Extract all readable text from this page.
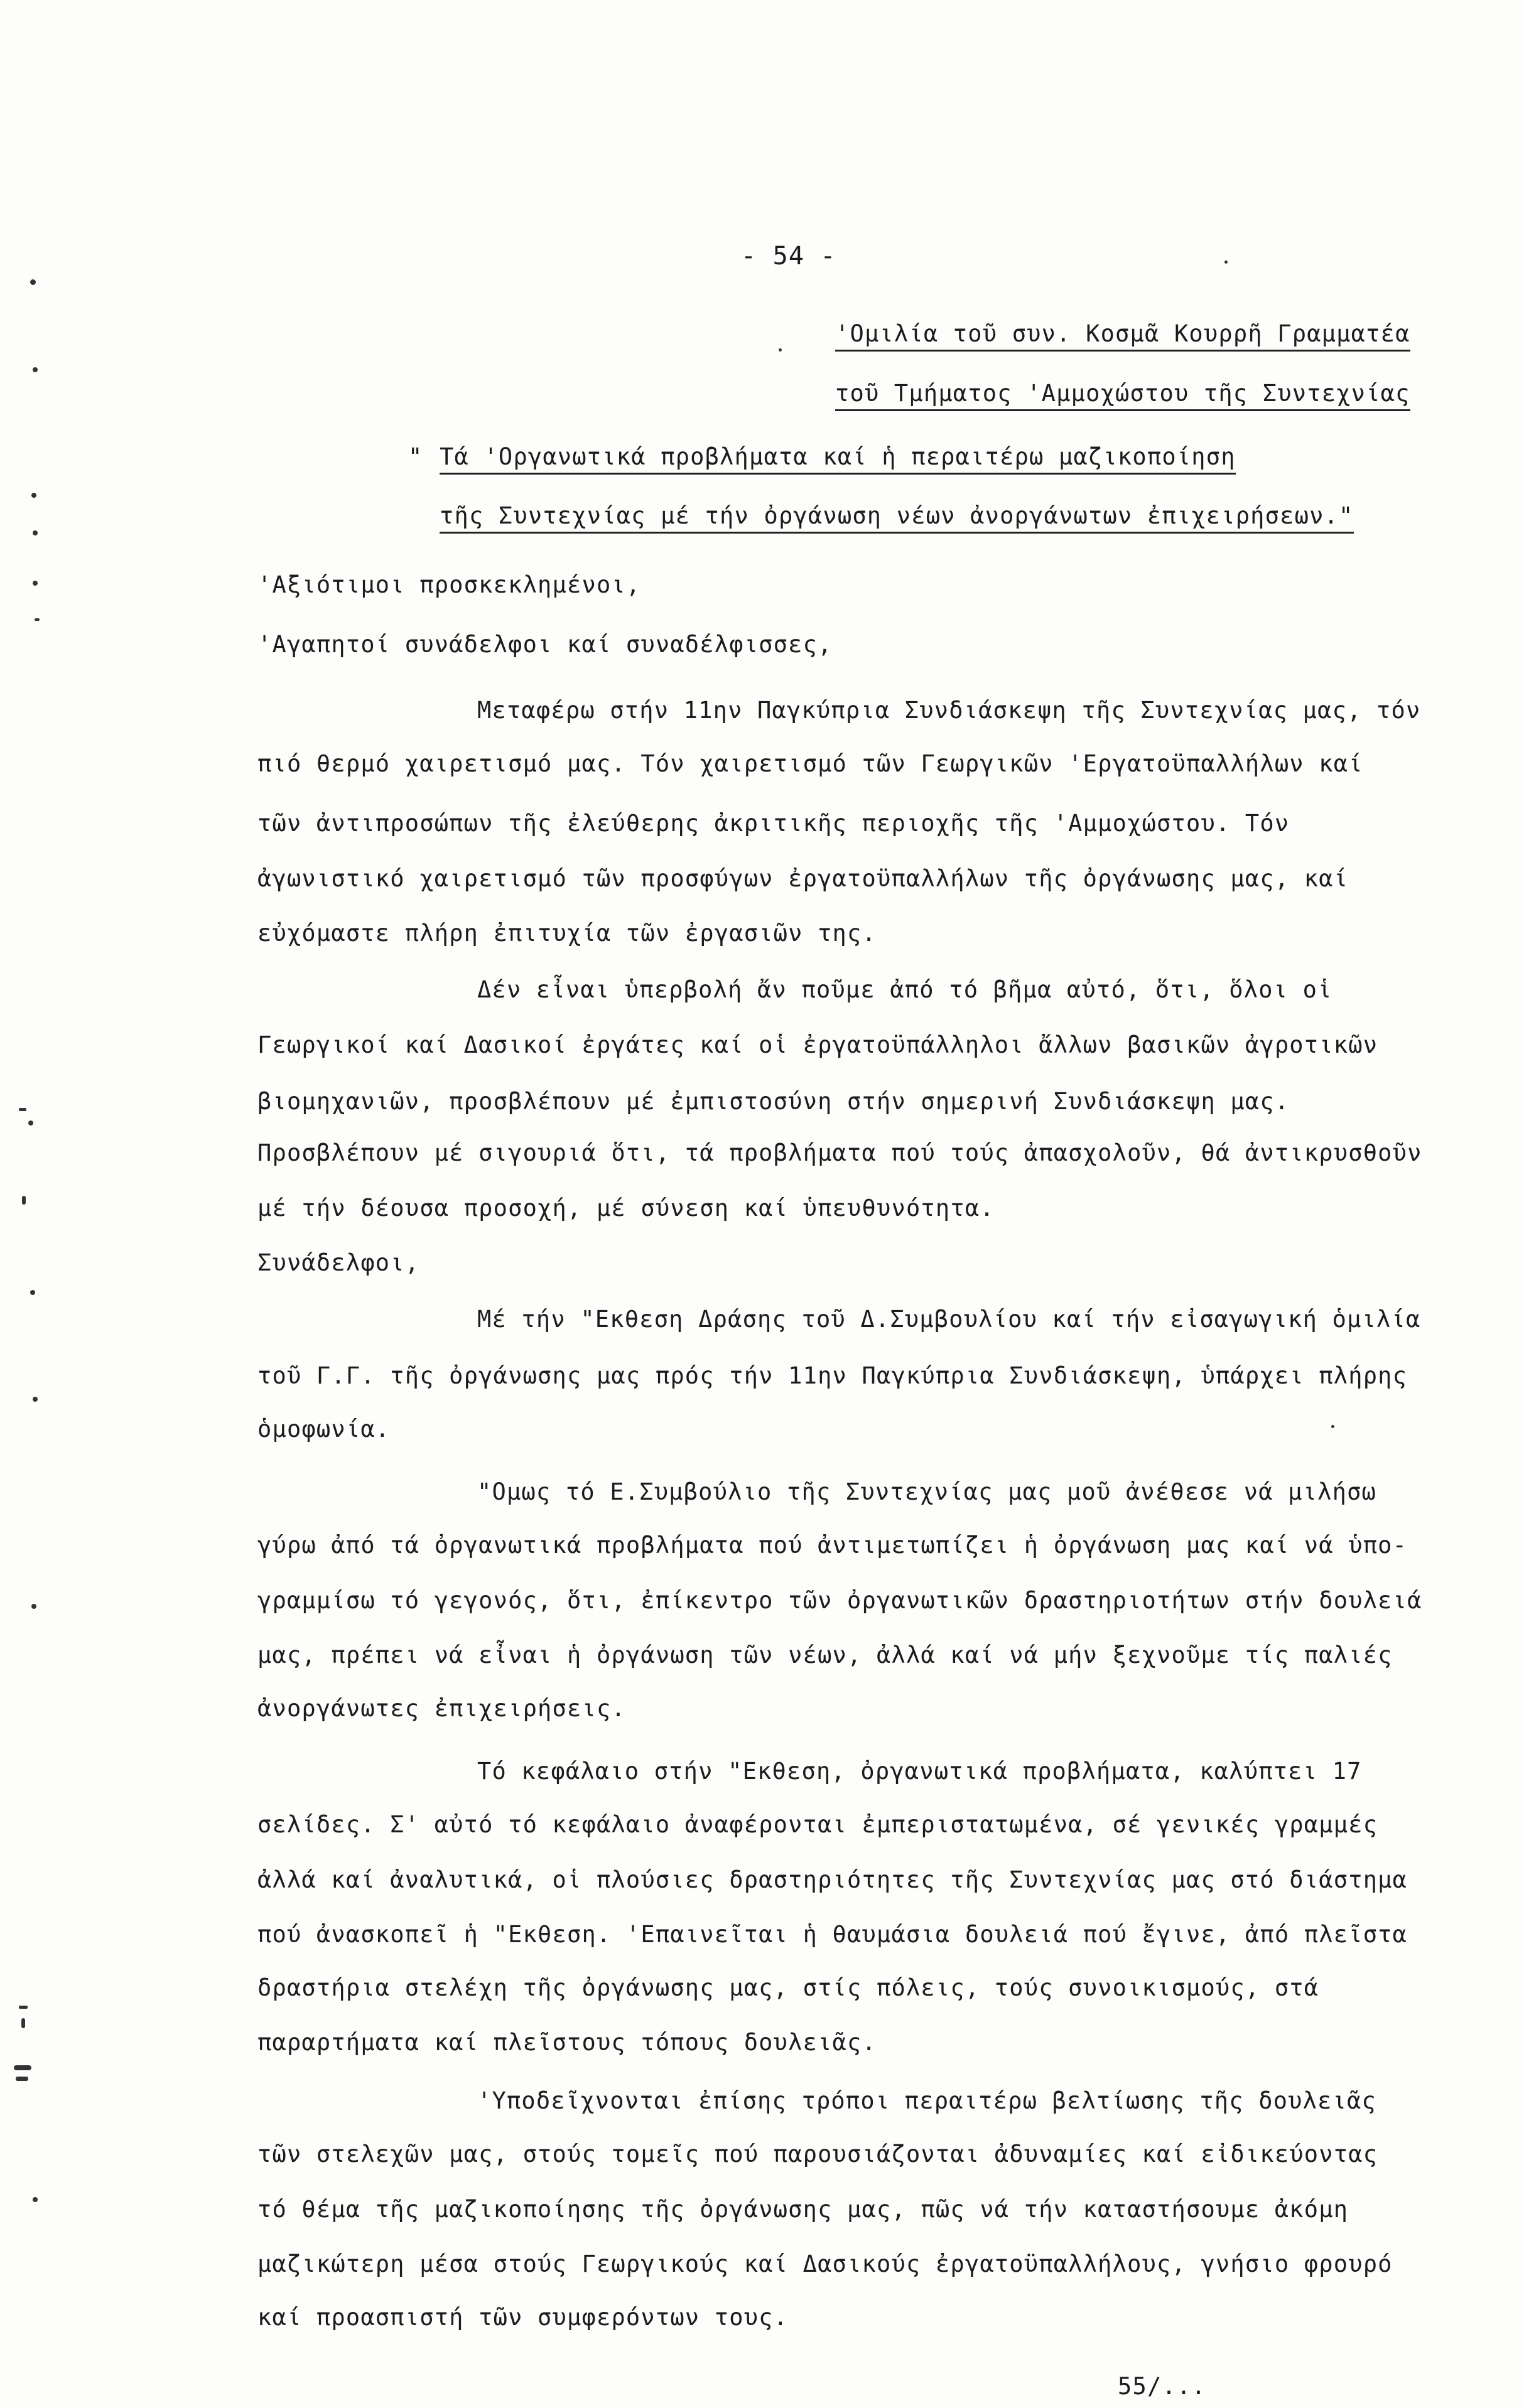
- 54 -
'Ομιλία τοῦ συν. Κοσμᾶ Κουρρῆ Γραμματέα
τοῦ Τμήματος 'Αμμοχώστου τῆς Συντεχνίας
" Τά 'Οργανωτικά προβλήματα καί ἡ περαιτέρω μαζικοποίηση
τῆς Συντεχνίας μέ τήν ὀργάνωση νέων ἀνοργάνωτων ἐπιχειρήσεων."
'Αξιότιμοι προσκεκλημένοι,
'Αγαπητοί συνάδελφοι καί συναδέλφισσες,
Μεταφέρω στήν 11ην Παγκύπρια Συνδιάσκεψη τῆς Συντεχνίας μας, τόν
πιό θερμό χαιρετισμό μας. Τόν χαιρετισμό τῶν Γεωργικῶν 'Εργατοϋπαλλήλων καί
τῶν ἀντιπροσώπων τῆς ἐλεύθερης ἀκριτικῆς περιοχῆς τῆς 'Αμμοχώστου. Τόν
ἀγωνιστικό χαιρετισμό τῶν προσφύγων ἐργατοϋπαλλήλων τῆς ὀργάνωσης μας, καί
εὐχόμαστε πλήρη ἐπιτυχία τῶν ἐργασιῶν της.
Δέν εἶναι ὑπερβολή ἄν ποῦμε ἀπό τό βῆμα αὐτό, ὅτι, ὅλοι οἱ
Γεωργικοί καί Δασικοί ἐργάτες καί οἱ ἐργατοϋπάλληλοι ἄλλων βασικῶν ἀγροτικῶν
βιομηχανιῶν, προσβλέπουν μέ ἐμπιστοσύνη στήν σημερινή Συνδιάσκεψη μας.
Προσβλέπουν μέ σιγουριά ὅτι, τά προβλήματα πού τούς ἀπασχολοῦν, θά ἀντικρυσθοῦν
μέ τήν δέουσα προσοχή, μέ σύνεση καί ὑπευθυνότητα.
Συνάδελφοι,
Μέ τήν "Εκθεση Δράσης τοῦ Δ.Συμβουλίου καί τήν εἰσαγωγική ὁμιλία
τοῦ Γ.Γ. τῆς ὀργάνωσης μας πρός τήν 11ην Παγκύπρια Συνδιάσκεψη, ὑπάρχει πλήρης
ὁμοφωνία.
"Ομως τό Ε.Συμβούλιο τῆς Συντεχνίας μας μοῦ ἀνέθεσε νά μιλήσω
γύρω ἀπό τά ὀργανωτικά προβλήματα πού ἀντιμετωπίζει ἡ ὀργάνωση μας καί νά ὑπο-
γραμμίσω τό γεγονός, ὅτι, ἐπίκεντρο τῶν ὀργανωτικῶν δραστηριοτήτων στήν δουλειά
μας, πρέπει νά εἶναι ἡ ὀργάνωση τῶν νέων, ἀλλά καί νά μήν ξεχνοῦμε τίς παλιές
ἀνοργάνωτες ἐπιχειρήσεις.
Τό κεφάλαιο στήν "Εκθεση, ὀργανωτικά προβλήματα, καλύπτει 17
σελίδες. Σ' αὐτό τό κεφάλαιο ἀναφέρονται ἐμπεριστατωμένα, σέ γενικές γραμμές
ἀλλά καί ἀναλυτικά, οἱ πλούσιες δραστηριότητες τῆς Συντεχνίας μας στό διάστημα
πού ἀνασκοπεῖ ἡ "Εκθεση. 'Επαινεῖται ἡ θαυμάσια δουλειά πού ἔγινε, ἀπό πλεῖστα
δραστήρια στελέχη τῆς ὀργάνωσης μας, στίς πόλεις, τούς συνοικισμούς, στά
παραρτήματα καί πλεῖστους τόπους δουλειᾶς.
'Υποδεῖχνονται ἐπίσης τρόποι περαιτέρω βελτίωσης τῆς δουλειᾶς
τῶν στελεχῶν μας, στούς τομεῖς πού παρουσιάζονται ἀδυναμίες καί εἰδικεύοντας
τό θέμα τῆς μαζικοποίησης τῆς ὀργάνωσης μας, πῶς νά τήν καταστήσουμε ἀκόμη
μαζικώτερη μέσα στούς Γεωργικούς καί Δασικούς ἐργατοϋπαλλήλους, γνήσιο φρουρό
καί προασπιστή τῶν συμφερόντων τους.
55/...
